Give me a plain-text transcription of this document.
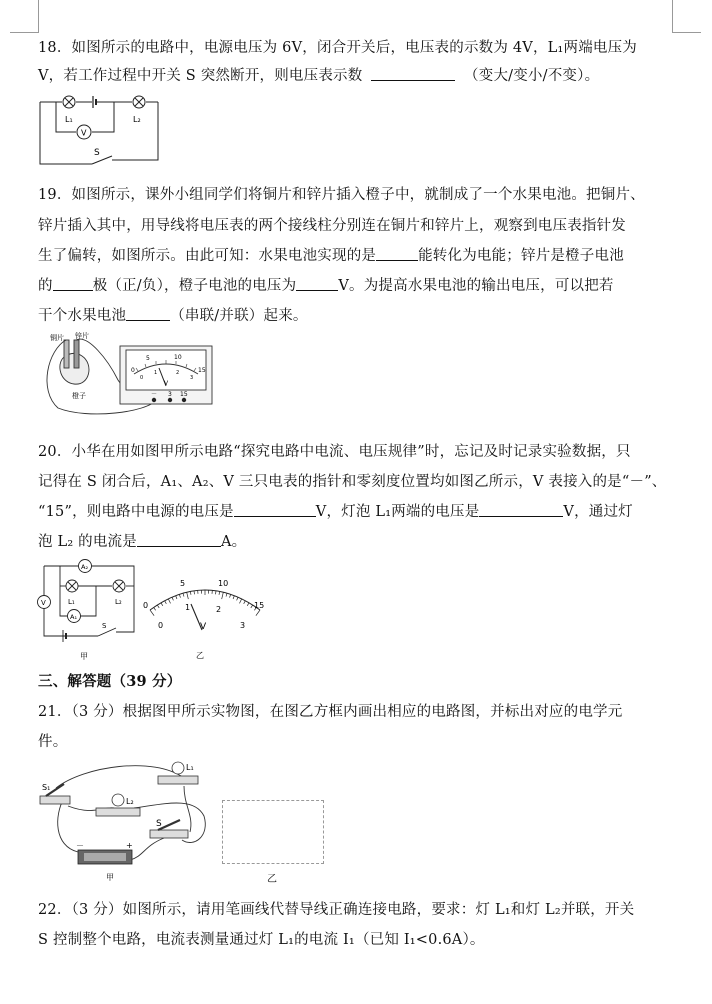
18．如图所示的电路中，电源电压为 6V，闭合开关后，电压表的示数为 4V，L₁两端电压为
V，若工作过程中开关 S 突然断开，则电压表示数	（变大/变小/不变）。
L₁	L₂
V
S
19．如图所示，课外小组同学们将铜片和锌片插入橙子中，就制成了一个水果电池。把铜片、
锌片插入其中，用导线将电压表的两个接线柱分别连在铜片和锌片上，观察到电压表指针发
生了偏转，如图所示。由此可知：水果电池实现的是	能转化为电能；锌片是橙子电池
的	极（正/负），橙子电池的电压为	V。为提高水果电池的输出电压，可以把若
干个水果电池	（串联/并联）起来。
0
5	10
15
0
1	2
3
V
－ 3 15
铜片 锌片
橙子
20．小华在用如图甲所示电路“探究电路中电流、电压规律”时，忘记及时记录实验数据，只
记得在 S 闭合后，A₁、A₂、V 三只电表的指针和零刻度位置均如图乙所示，V 表接入的是“－”、
“15”，则电路中电源的电压是	V，灯泡 L₁两端的电压是	V，通过灯
泡 L₂ 的电流是	A。
A₂
A₁
V	L₁	L₂
S
甲
0
5	10
15
0
1	2
3
V
乙
三、解答题（39 分）
21．（3 分）根据图甲所示实物图，在图乙方框内画出相应的电路图，并标出对应的电学元
件。
S₁
L₁
L₂
S
－	+
甲	乙
22．（3 分）如图所示，请用笔画线代替导线正确连接电路，要求：灯 L₁和灯 L₂并联，开关
S 控制整个电路，电流表测量通过灯 L₁的电流 I₁（已知 I₁<0.6A）。
